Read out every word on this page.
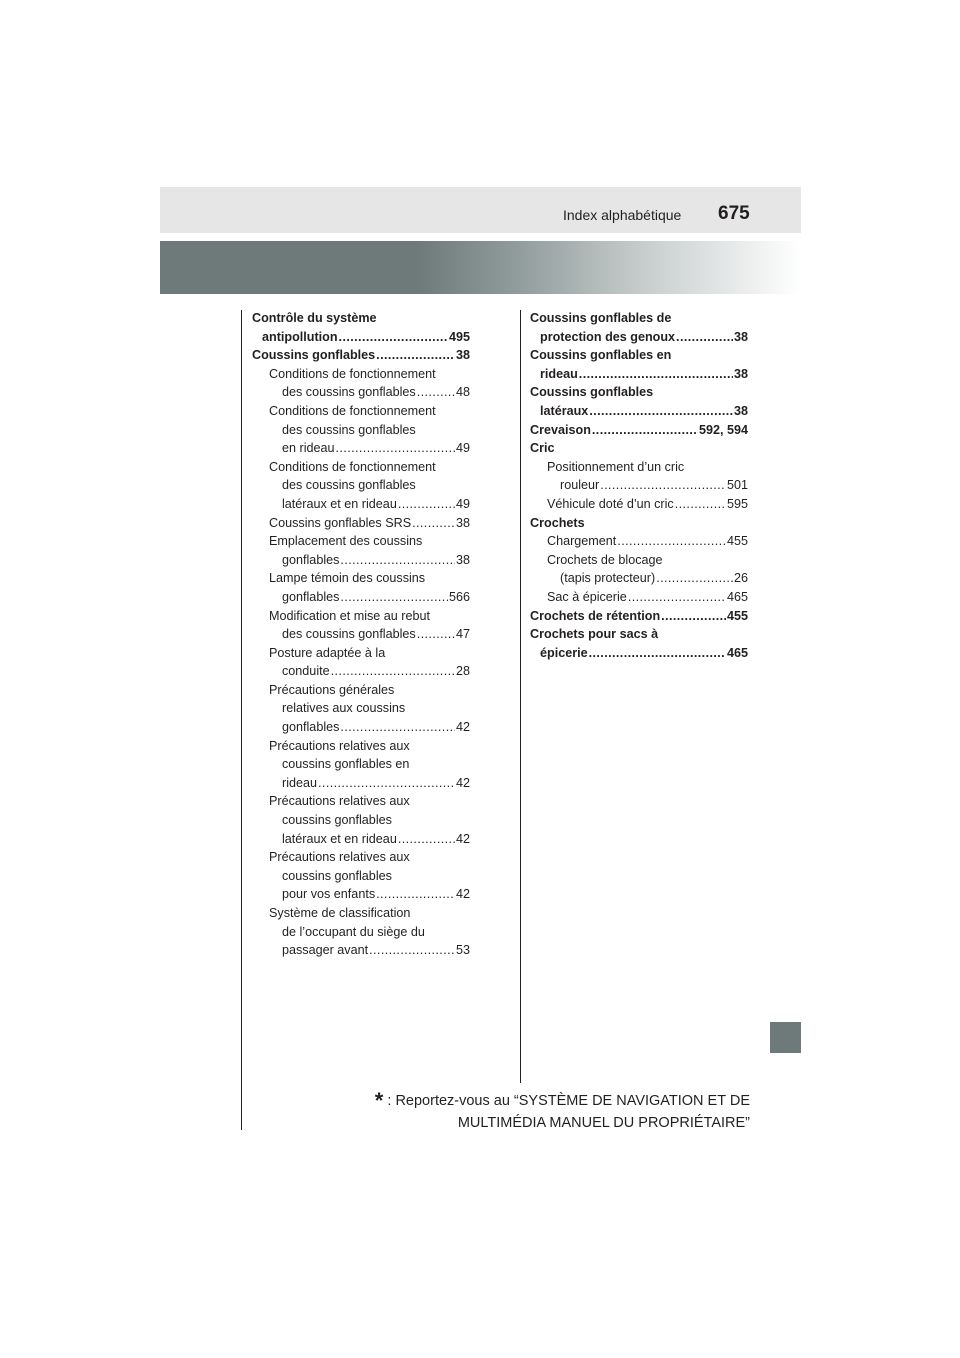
Index alphabétique 675
Contrôle du système
antipollution .....	495
Coussins gonflables .....	38
Conditions de fonctionnement
des coussins gonflables .....	48
Conditions de fonctionnement
des coussins gonflables
en rideau .....	49
Conditions de fonctionnement
des coussins gonflables
latéraux et en rideau .....	49
Coussins gonflables SRS .....	38
Emplacement des coussins
gonflables .....	38
Lampe témoin des coussins
gonflables .....	566
Modification et mise au rebut
des coussins gonflables .....	47
Posture adaptée à la
conduite .....	28
Précautions générales
relatives aux coussins
gonflables .....	42
Précautions relatives aux
coussins gonflables en
rideau .....	42
Précautions relatives aux
coussins gonflables
latéraux et en rideau .....	42
Précautions relatives aux
coussins gonflables
pour vos enfants .....	42
Système de classification
de l’occupant du siège du
passager avant .....	53
Coussins gonflables de
protection des genoux .....	38
Coussins gonflables en
rideau .....	38
Coussins gonflables
latéraux .....	38
Crevaison .....	592, 594
Cric
Positionnement d’un cric
rouleur .....	501
Véhicule doté d’un cric .....	595
Crochets
Chargement .....	455
Crochets de blocage
(tapis protecteur) .....	26
Sac à épicerie .....	465
Crochets de rétention .....	455
Crochets pour sacs à
épicerie .....	465
* : Reportez-vous au “SYSTÈME DE NAVIGATION ET DE
MULTIMÉDIA MANUEL DU PROPRIÉTAIRE”
